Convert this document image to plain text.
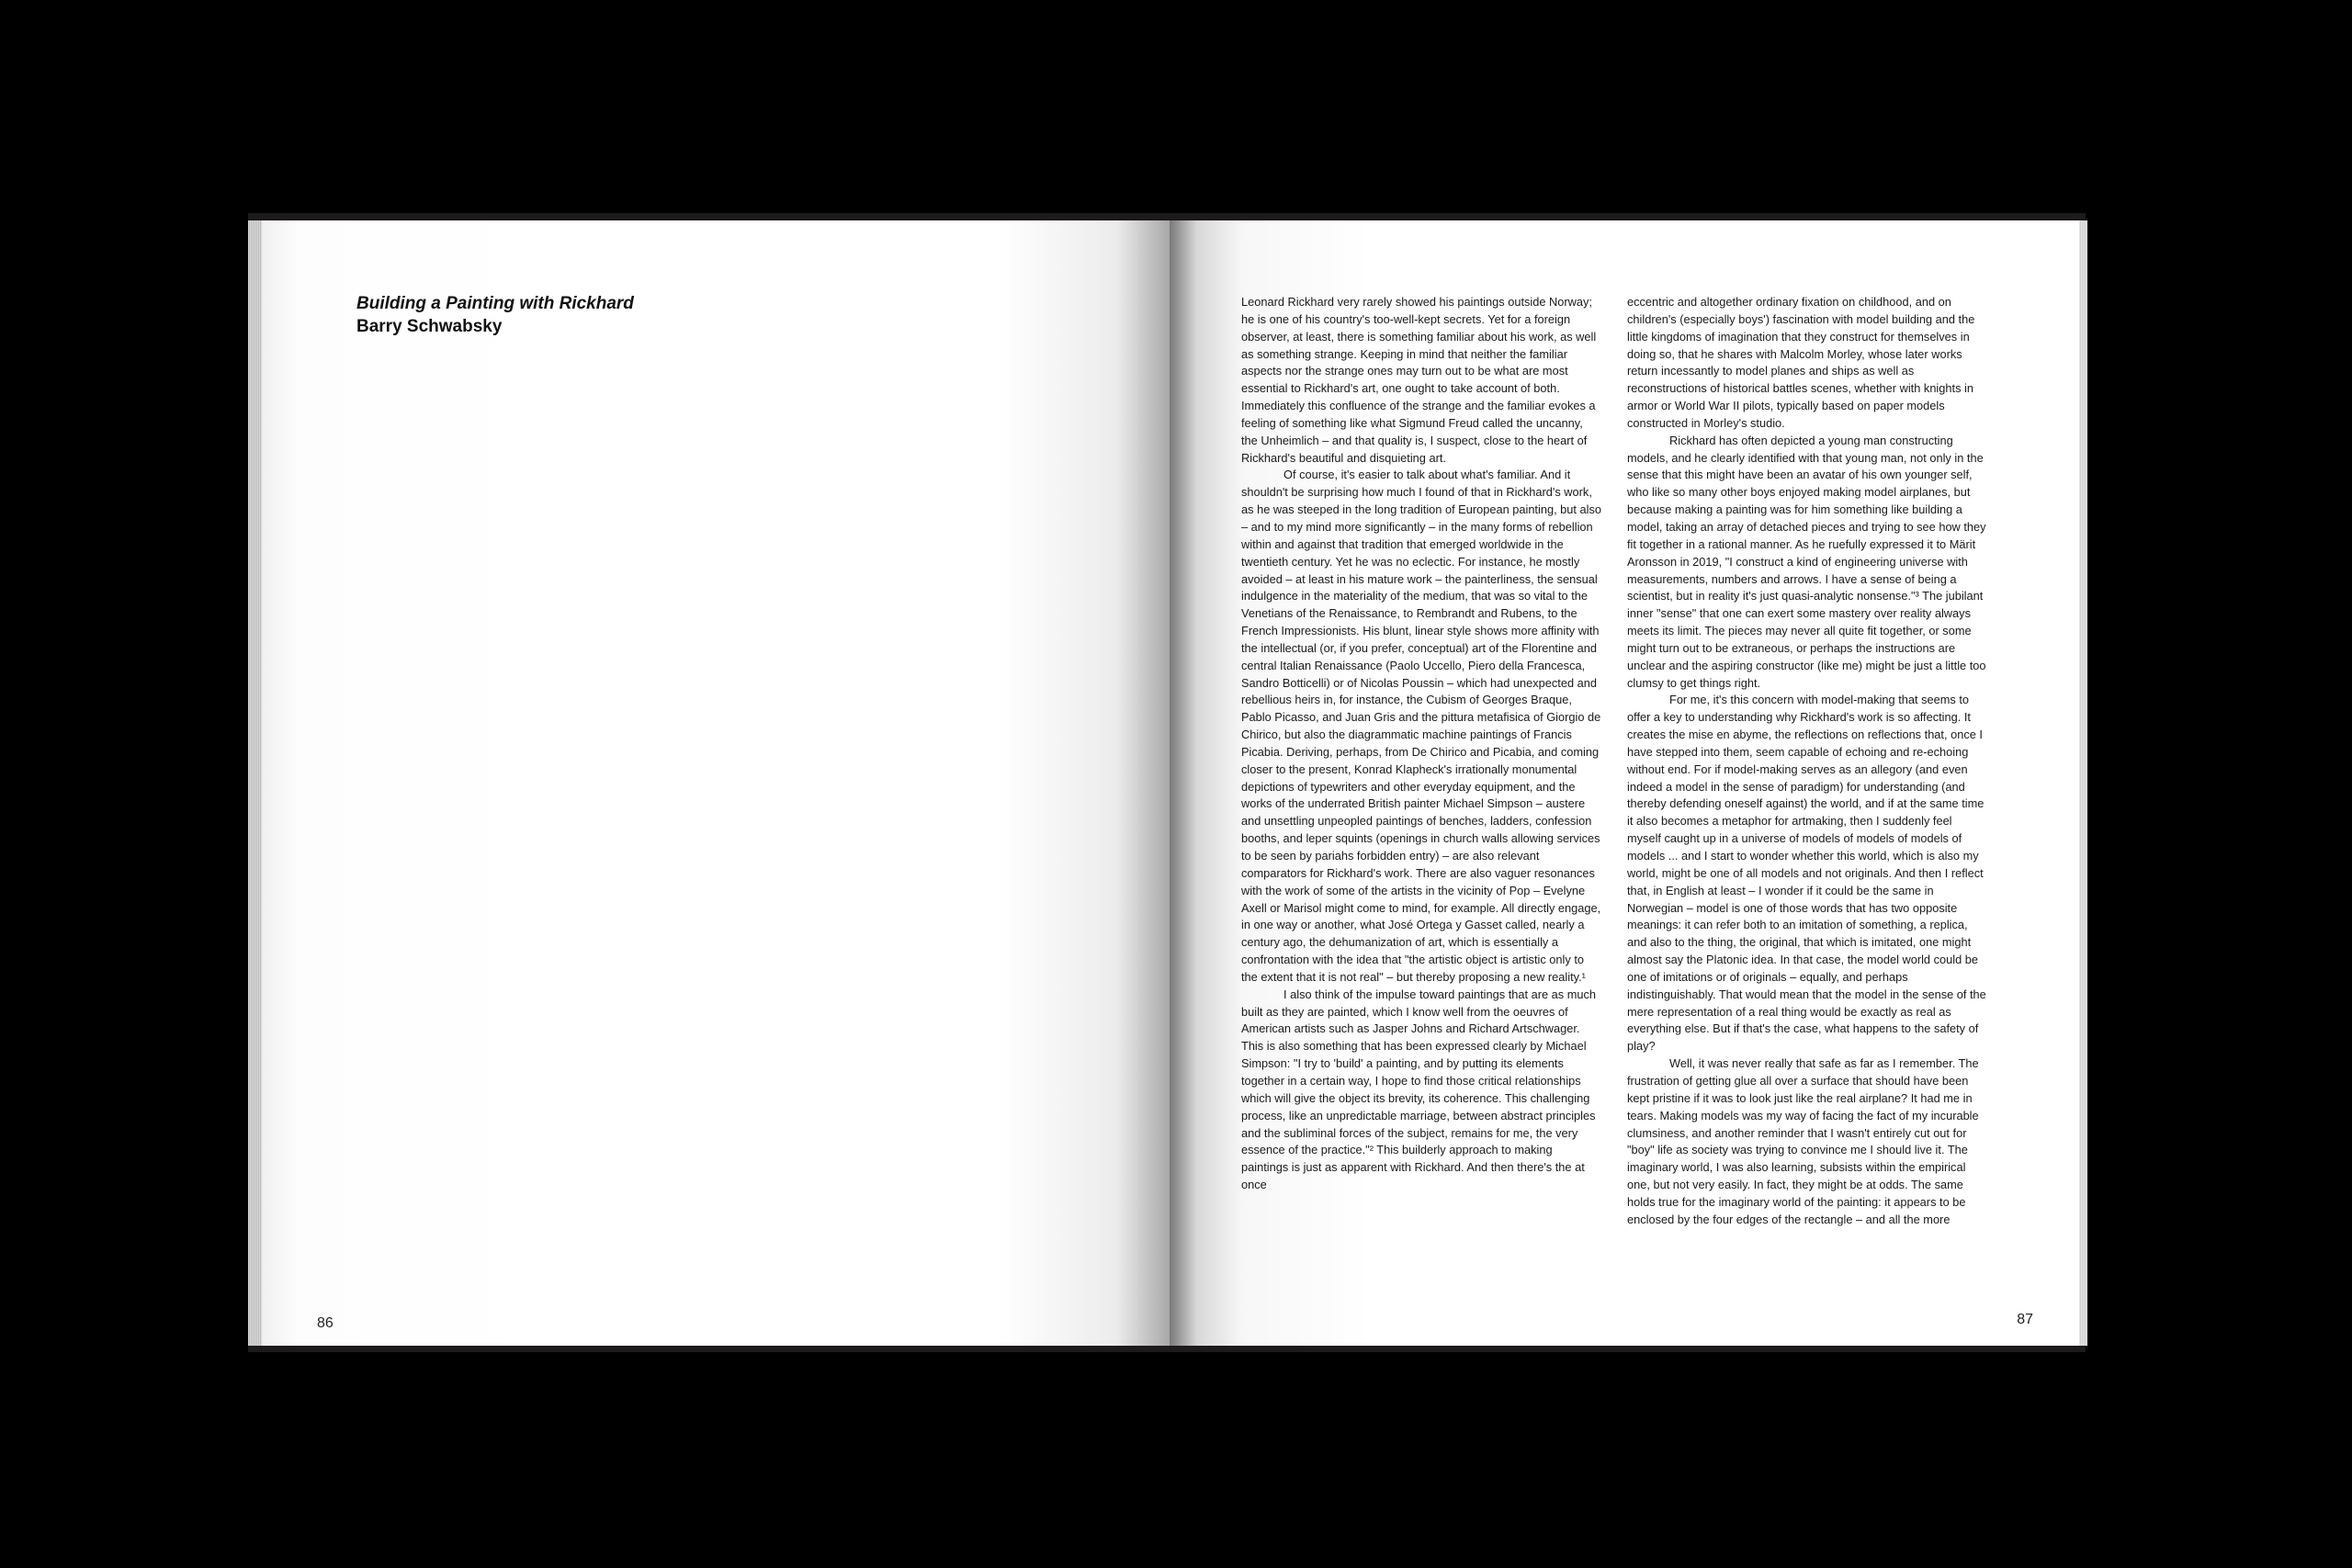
Building a Painting with Rickhard
Barry Schwabsky
86

Leonard Rickhard very rarely showed his paintings outside Norway; he is one of his country's too-well-kept secrets. Yet for a foreign observer, at least, there is something familiar about his work, as well as something strange. Keeping in mind that neither the familiar aspects nor the strange ones may turn out to be what are most essential to Rickhard's art, one ought to take account of both. Immediately this confluence of the strange and the familiar evokes a feeling of something like what Sigmund Freud called the uncanny, the Unheimlich – and that quality is, I suspect, close to the heart of Rickhard's beautiful and disquieting art.

Of course, it's easier to talk about what's familiar. And it shouldn't be surprising how much I found of that in Rickhard's work, as he was steeped in the long tradition of European painting, but also – and to my mind more significantly – in the many forms of rebellion within and against that tradition that emerged worldwide in the twentieth century. Yet he was no eclectic. For instance, he mostly avoided – at least in his mature work – the painterliness, the sensual indulgence in the materiality of the medium, that was so vital to the Venetians of the Renaissance, to Rembrandt and Rubens, to the French Impressionists. His blunt, linear style shows more affinity with the intellectual (or, if you prefer, conceptual) art of the Florentine and central Italian Renaissance (Paolo Uccello, Piero della Francesca, Sandro Botticelli) or of Nicolas Poussin – which had unexpected and rebellious heirs in, for instance, the Cubism of Georges Braque, Pablo Picasso, and Juan Gris and the pittura metafisica of Giorgio de Chirico, but also the diagrammatic machine paintings of Francis Picabia. Deriving, perhaps, from De Chirico and Picabia, and coming closer to the present, Konrad Klapheck's irrationally monumental depictions of typewriters and other everyday equipment, and the works of the underrated British painter Michael Simpson – austere and unsettling unpeopled paintings of benches, ladders, confession booths, and leper squints (openings in church walls allowing services to be seen by pariahs forbidden entry) – are also relevant comparators for Rickhard's work. There are also vaguer resonances with the work of some of the artists in the vicinity of Pop – Evelyne Axell or Marisol might come to mind, for example. All directly engage, in one way or another, what José Ortega y Gasset called, nearly a century ago, the dehumanization of art, which is essentially a confrontation with the idea that "the artistic object is artistic only to the extent that it is not real" – but thereby proposing a new reality.¹

I also think of the impulse toward paintings that are as much built as they are painted, which I know well from the oeuvres of American artists such as Jasper Johns and Richard Artschwager. This is also something that has been expressed clearly by Michael Simpson: "I try to 'build' a painting, and by putting its elements together in a certain way, I hope to find those critical relationships which will give the object its brevity, its coherence. This challenging process, like an unpredictable marriage, between abstract principles and the subliminal forces of the subject, remains for me, the very essence of the practice."² This builderly approach to making paintings is just as apparent with Rickhard. And then there's the at once

eccentric and altogether ordinary fixation on childhood, and on children's (especially boys') fascination with model building and the little kingdoms of imagination that they construct for themselves in doing so, that he shares with Malcolm Morley, whose later works return incessantly to model planes and ships as well as reconstructions of historical battles scenes, whether with knights in armor or World War II pilots, typically based on paper models constructed in Morley's studio.

Rickhard has often depicted a young man constructing models, and he clearly identified with that young man, not only in the sense that this might have been an avatar of his own younger self, who like so many other boys enjoyed making model airplanes, but because making a painting was for him something like building a model, taking an array of detached pieces and trying to see how they fit together in a rational manner. As he ruefully expressed it to Märit Aronsson in 2019, "I construct a kind of engineering universe with measurements, numbers and arrows. I have a sense of being a scientist, but in reality it's just quasi-analytic nonsense."³ The jubilant inner "sense" that one can exert some mastery over reality always meets its limit. The pieces may never all quite fit together, or some might turn out to be extraneous, or perhaps the instructions are unclear and the aspiring constructor (like me) might be just a little too clumsy to get things right.

For me, it's this concern with model-making that seems to offer a key to understanding why Rickhard's work is so affecting. It creates the mise en abyme, the reflections on reflections that, once I have stepped into them, seem capable of echoing and re-echoing without end. For if model-making serves as an allegory (and even indeed a model in the sense of paradigm) for understanding (and thereby defending oneself against) the world, and if at the same time it also becomes a metaphor for artmaking, then I suddenly feel myself caught up in a universe of models of models of models of models ... and I start to wonder whether this world, which is also my world, might be one of all models and not originals. And then I reflect that, in English at least – I wonder if it could be the same in Norwegian – model is one of those words that has two opposite meanings: it can refer both to an imitation of something, a replica, and also to the thing, the original, that which is imitated, one might almost say the Platonic idea. In that case, the model world could be one of imitations or of originals – equally, and perhaps indistinguishably. That would mean that the model in the sense of the mere representation of a real thing would be exactly as real as everything else. But if that's the case, what happens to the safety of play?

Well, it was never really that safe as far as I remember. The frustration of getting glue all over a surface that should have been kept pristine if it was to look just like the real airplane? It had me in tears. Making models was my way of facing the fact of my incurable clumsiness, and another reminder that I wasn't entirely cut out for "boy" life as society was trying to convince me I should live it. The imaginary world, I was also learning, subsists within the empirical one, but not very easily. In fact, they might be at odds. The same holds true for the imaginary world of the painting: it appears to be enclosed by the four edges of the rectangle – and all the more

87
